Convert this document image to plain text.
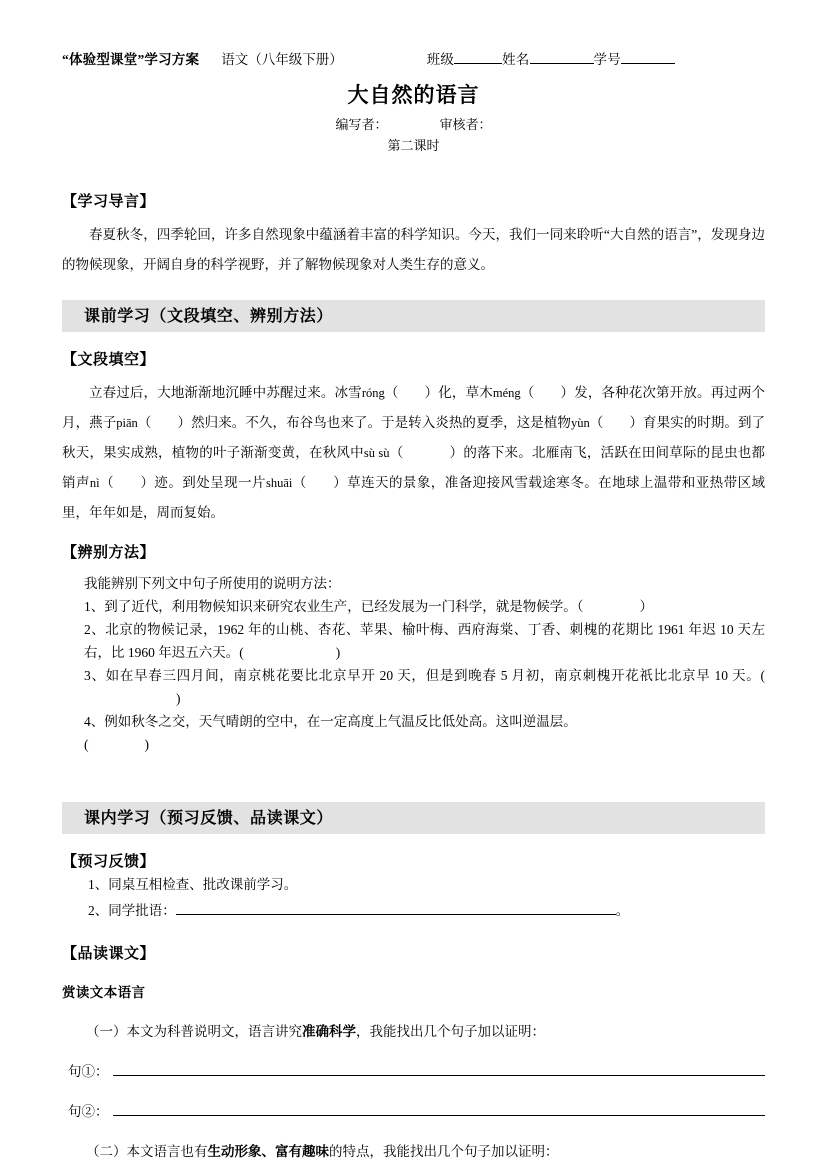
“体验型课堂”学习方案 语文（八年级下册）	班级	姓名	学号
大自然的语言
编写者：	审核者：
第二课时
【学习导言】
春夏秋冬，四季轮回，许多自然现象中蕴涵着丰富的科学知识。今天，我们一同来聆听“大自然的语言”，发现身边的物候现象，开阔自身的科学视野，并了解物候现象对人类生存的意义。
课前学习（文段填空、辨别方法）
【文段填空】
立春过后，大地渐渐地沉睡中苏醒过来。冰雪róng（ ）化，草木méng（ ）发，各种花次第开放。再过两个月，燕子piān（ ）然归来。不久，布谷鸟也来了。于是转入炎热的夏季，这是植物yùn（ ）育果实的时期。到了秋天，果实成熟，植物的叶子渐渐变黄，在秋风中sù sù（	）的落下来。北雁南飞，活跃在田间草际的昆虫也都销声nì（ ）迹。到处呈现一片shuāi（ ）草连天的景象，准备迎接风雪载途寒冬。在地球上温带和亚热带区域里，年年如是，周而复始。
【辨别方法】
我能辨别下列文中句子所使用的说明方法：
1、到了近代，利用物候知识来研究农业生产，已经发展为一门科学，就是物候学。（	）
2、北京的物候记录，1962 年的山桃、杏花、苹果、榆叶梅、西府海棠、丁香、刺槐的花期比 1961 年迟 10 天左右，比 1960 年迟五六天。(	)
3、如在早春三四月间，南京桃花要比北京早开 20 天，但是到晚春 5 月初，南京刺槐开花祇比北京早 10 天。()
4、例如秋冬之交，天气晴朗的空中，在一定高度上气温反比低处高。这叫逆温层。
(	)
课内学习（预习反馈、品读课文）
【预习反馈】
1、同桌互相检查、批改课前学习。
2、同学批语：	。
【品读课文】
赏读文本语言
（一）本文为科普说明文，语言讲究准确科学，我能找出几个句子加以证明：
句①：
句②：
（二）本文语言也有生动形象、富有趣味的特点，我能找出几个句子加以证明：
